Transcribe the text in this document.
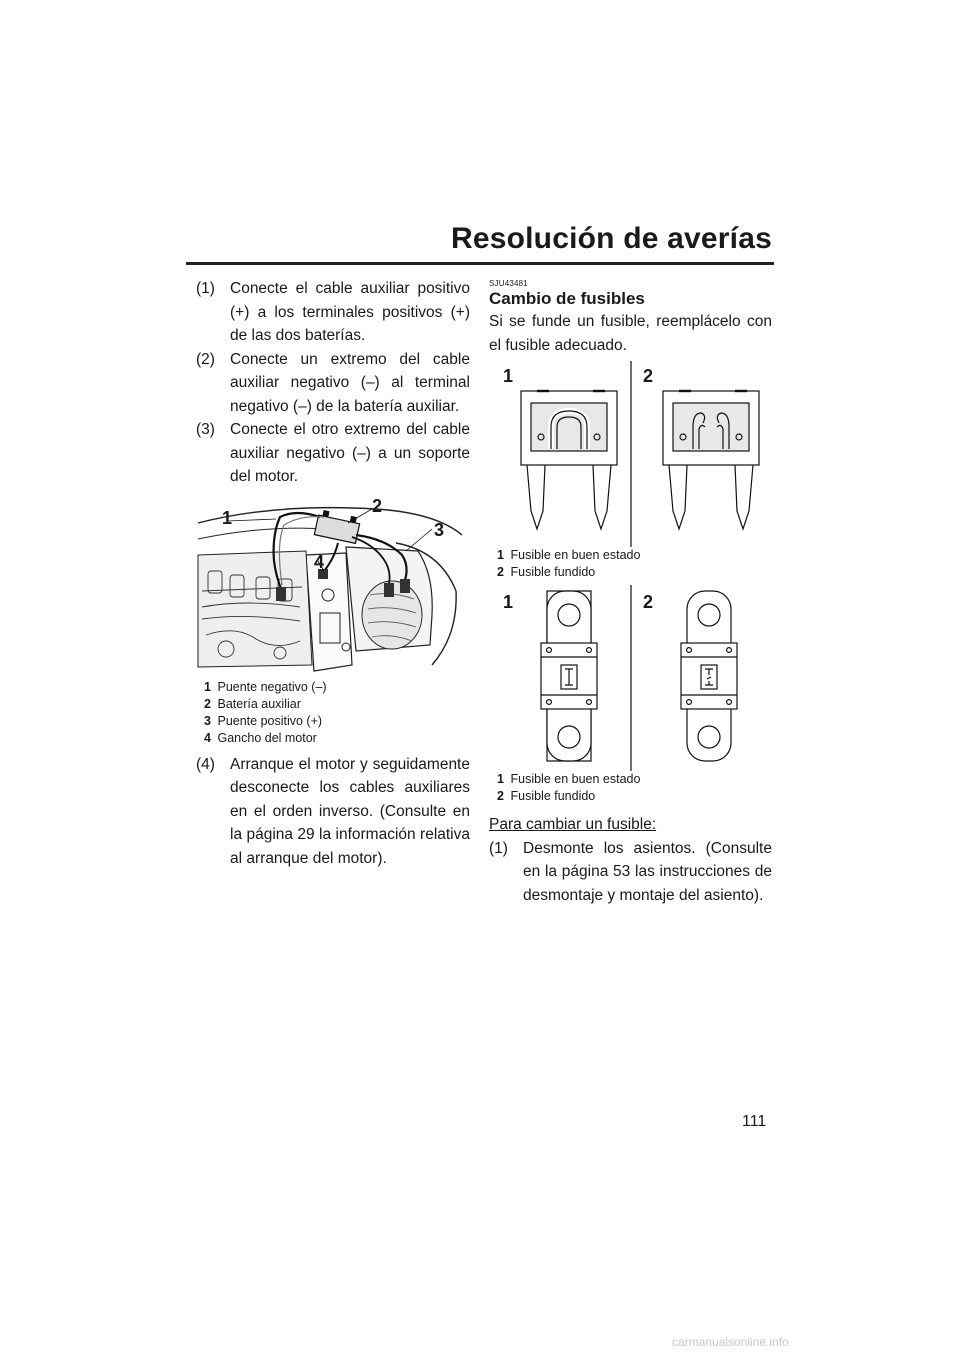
Resolución de averías
(1) Conecte el cable auxiliar positivo (+) a los terminales positivos (+) de las dos baterías.
(2) Conecte un extremo del cable auxiliar negativo (–) al terminal negativo (–) de la batería auxiliar.
(3) Conecte el otro extremo del cable auxiliar negativo (–) a un soporte del motor.
1
2
3
4
1 Puente negativo (–)
2 Batería auxiliar
3 Puente positivo (+)
4 Gancho del motor
(4) Arranque el motor y seguidamente desconecte los cables auxiliares en el orden inverso. (Consulte en la página 29 la información relativa al arranque del motor).
SJU43481
Cambio de fusibles
Si se funde un fusible, reemplácelo con el fusible adecuado.
1	2
1 Fusible en buen estado
2 Fusible fundido
1	2
1 Fusible en buen estado
2 Fusible fundido
Para cambiar un fusible:
(1) Desmonte los asientos. (Consulte en la página 53 las instrucciones de desmontaje y montaje del asiento).
111
carmanualsonline.info
